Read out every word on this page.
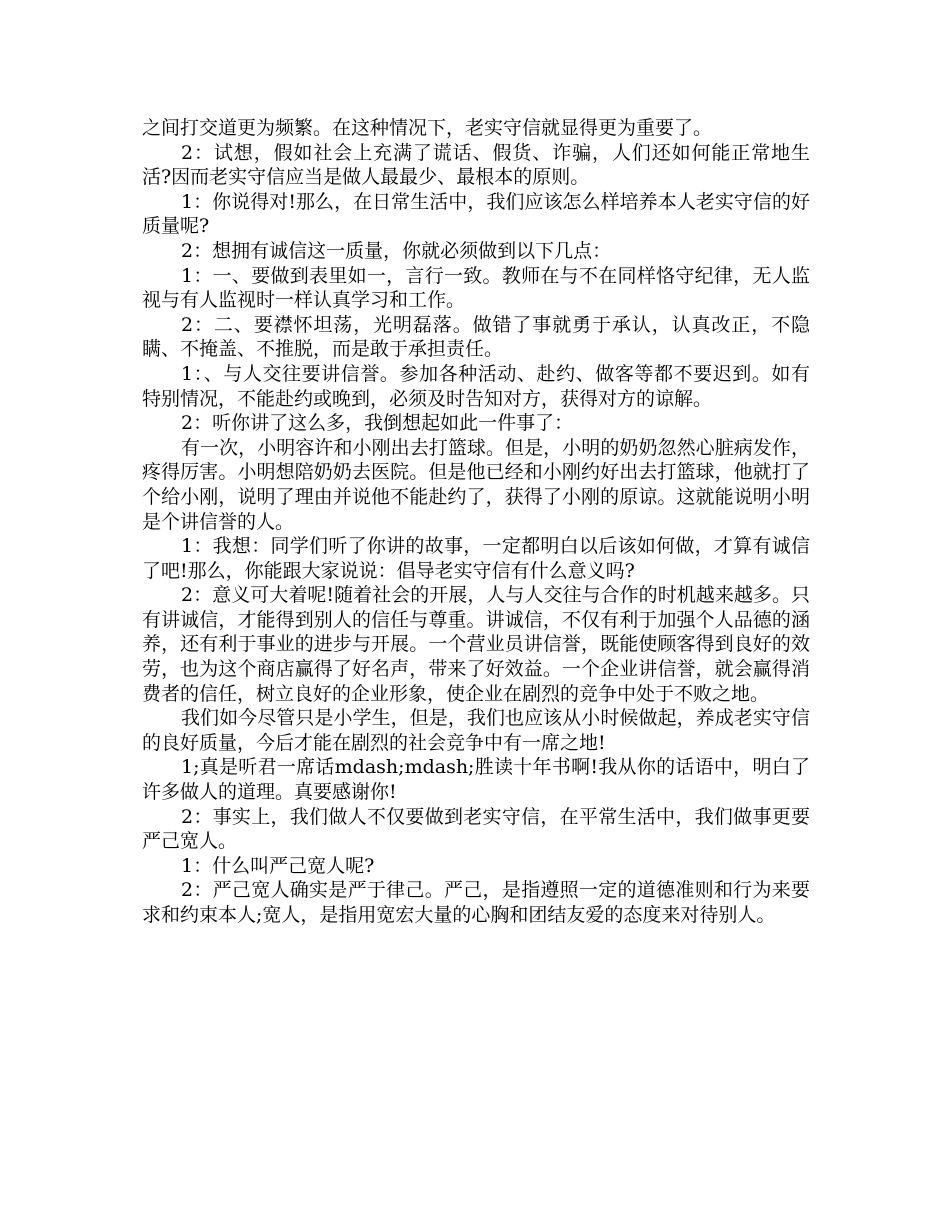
之间打交道更为频繁。在这种情况下，老实守信就显得更为重要了。

2：试想，假如社会上充满了谎话、假货、诈骗，人们还如何能正常地生活?因而老实守信应当是做人最最少、最根本的原则。

1：你说得对!那么，在日常生活中，我们应该怎么样培养本人老实守信的好质量呢?

2：想拥有诚信这一质量，你就必须做到以下几点：

1：一、要做到表里如一，言行一致。教师在与不在同样恪守纪律，无人监视与有人监视时一样认真学习和工作。

2：二、要襟怀坦荡，光明磊落。做错了事就勇于承认，认真改正，不隐瞒、不掩盖、不推脱，而是敢于承担责任。

1：、与人交往要讲信誉。参加各种活动、赴约、做客等都不要迟到。如有特别情况，不能赴约或晚到，必须及时告知对方，获得对方的谅解。

2：听你讲了这么多，我倒想起如此一件事了：

有一次，小明容许和小刚出去打篮球。但是，小明的奶奶忽然心脏病发作，疼得厉害。小明想陪奶奶去医院。但是他已经和小刚约好出去打篮球，他就打了个给小刚，说明了理由并说他不能赴约了，获得了小刚的原谅。这就能说明小明是个讲信誉的人。

1：我想：同学们听了你讲的故事，一定都明白以后该如何做，才算有诚信了吧!那么，你能跟大家说说：倡导老实守信有什么意义吗?

2：意义可大着呢!随着社会的开展，人与人交往与合作的时机越来越多。只有讲诚信，才能得到别人的信任与尊重。讲诚信，不仅有利于加强个人品德的涵养，还有利于事业的进步与开展。一个营业员讲信誉，既能使顾客得到良好的效劳，也为这个商店赢得了好名声，带来了好效益。一个企业讲信誉，就会赢得消费者的信任，树立良好的企业形象，使企业在剧烈的竞争中处于不败之地。

我们如今尽管只是小学生，但是，我们也应该从小时候做起，养成老实守信的良好质量，今后才能在剧烈的社会竞争中有一席之地!

1;真是听君一席话mdash;mdash;胜读十年书啊!我从你的话语中，明白了许多做人的道理。真要感谢你!

2：事实上，我们做人不仅要做到老实守信，在平常生活中，我们做事更要严己宽人。

1：什么叫严己宽人呢?

2：严己宽人确实是严于律己。严己，是指遵照一定的道德准则和行为来要求和约束本人;宽人，是指用宽宏大量的心胸和团结友爱的态度来对待别人。
